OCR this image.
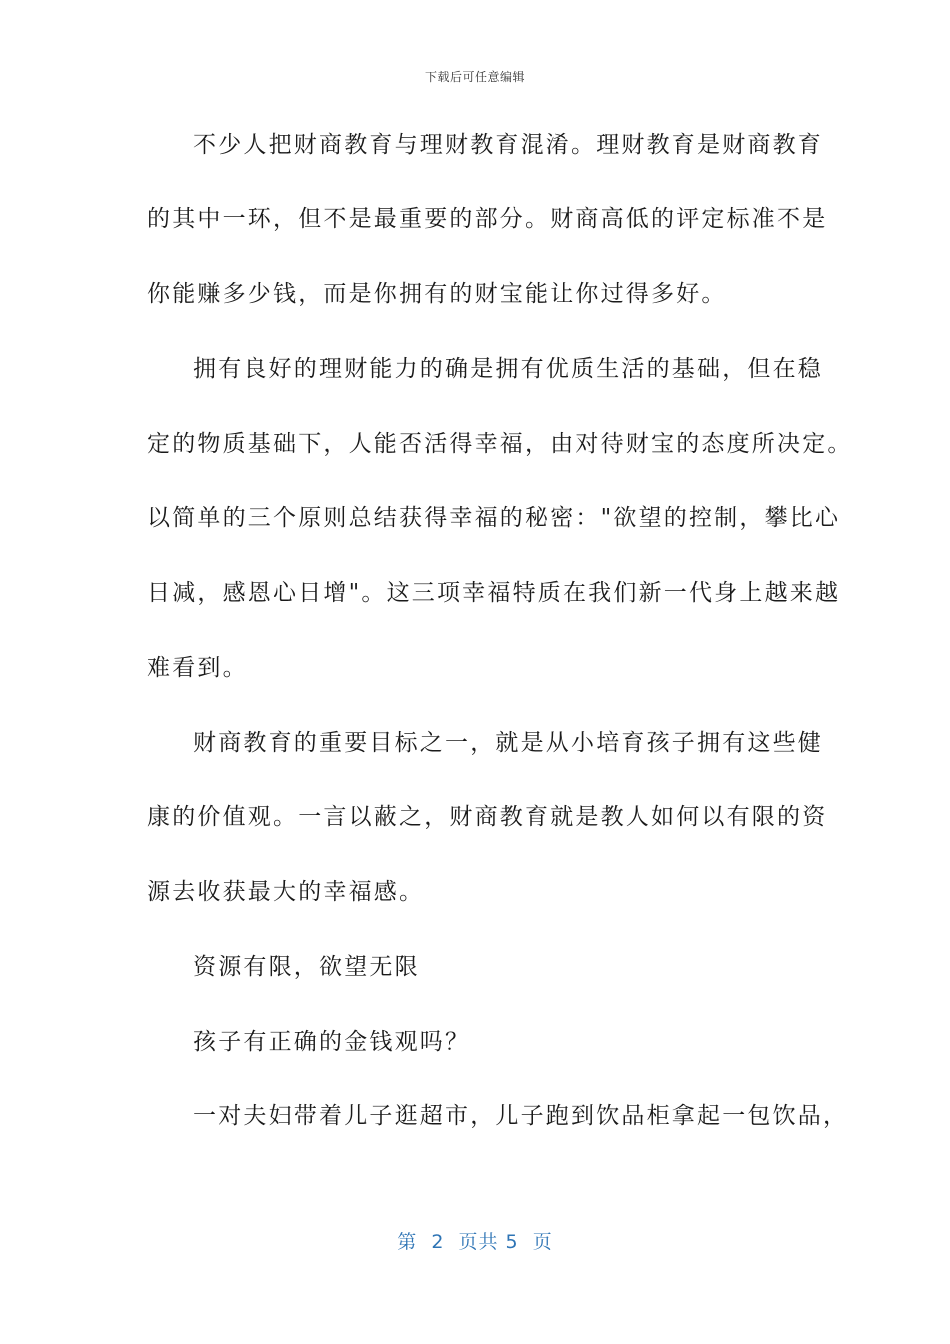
下载后可任意编辑
不少人把财商教育与理财教育混淆。理财教育是财商教育
的其中一环，但不是最重要的部分。财商高低的评定标准不是
你能赚多少钱，而是你拥有的财宝能让你过得多好。
拥有良好的理财能力的确是拥有优质生活的基础，但在稳
定的物质基础下，人能否活得幸福，由对待财宝的态度所决定。
以简单的三个原则总结获得幸福的秘密："欲望的控制，攀比心
日减，感恩心日增"。这三项幸福特质在我们新一代身上越来越
难看到。
财商教育的重要目标之一，就是从小培育孩子拥有这些健
康的价值观。一言以蔽之，财商教育就是教人如何以有限的资
源去收获最大的幸福感。
资源有限，欲望无限
孩子有正确的金钱观吗？
一对夫妇带着儿子逛超市，儿子跑到饮品柜拿起一包饮品，
第  2  页共 5  页
